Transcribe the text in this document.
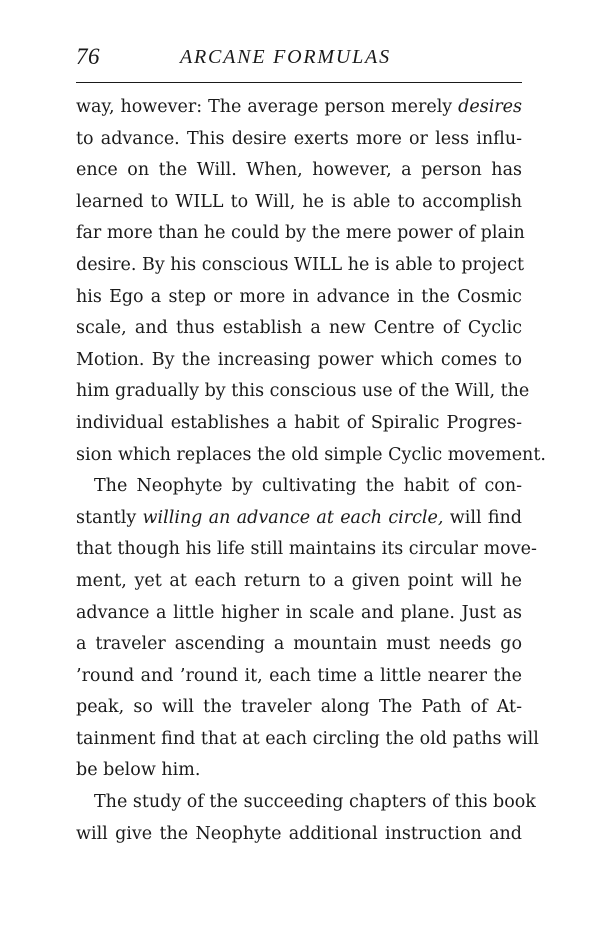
76	ARCANE FORMULAS
way, however: The average person merely desires
to advance. This desire exerts more or less influ-
ence on the Will. When, however, a person has
learned to WILL to Will, he is able to accomplish
far more than he could by the mere power of plain
desire. By his conscious WILL he is able to project
his Ego a step or more in advance in the Cosmic
scale, and thus establish a new Centre of Cyclic
Motion. By the increasing power which comes to
him gradually by this conscious use of the Will, the
individual establishes a habit of Spiralic Progres-
sion which replaces the old simple Cyclic movement.
The Neophyte by cultivating the habit of con-
stantly willing an advance at each circle, will find
that though his life still maintains its circular move-
ment, yet at each return to a given point will he
advance a little higher in scale and plane. Just as
a traveler ascending a mountain must needs go
’round and ’round it, each time a little nearer the
peak, so will the traveler along The Path of At-
tainment find that at each circling the old paths will
be below him.
The study of the succeeding chapters of this book
will give the Neophyte additional instruction and
